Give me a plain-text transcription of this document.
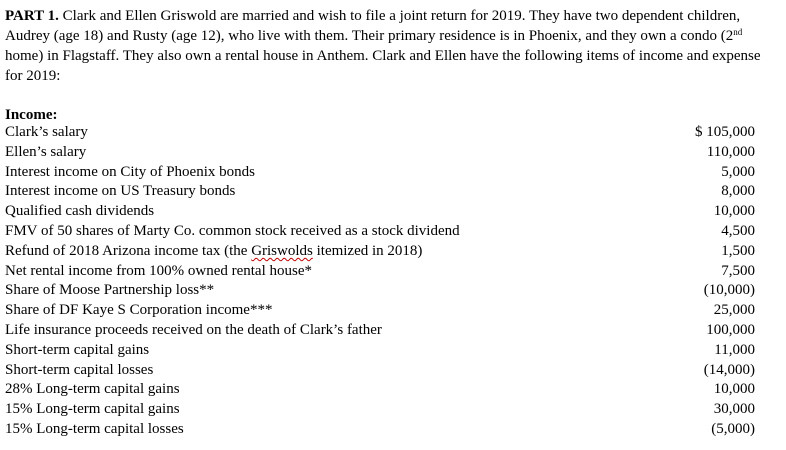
PART 1. Clark and Ellen Griswold are married and wish to file a joint return for 2019. They have two dependent children, Audrey (age 18) and Rusty (age 12), who live with them. Their primary residence is in Phoenix, and they own a condo (2nd home) in Flagstaff. They also own a rental house in Anthem. Clark and Ellen have the following items of income and expense for 2019:

Income:

Clark’s salary	$ 105,000
Ellen’s salary	110,000
Interest income on City of Phoenix bonds	5,000
Interest income on US Treasury bonds	8,000
Qualified cash dividends	10,000
FMV of 50 shares of Marty Co. common stock received as a stock dividend	4,500
Refund of 2018 Arizona income tax (the Griswolds itemized in 2018)	1,500
Net rental income from 100% owned rental house*	7,500
Share of Moose Partnership loss**	(10,000)
Share of DF Kaye S Corporation income***	25,000
Life insurance proceeds received on the death of Clark’s father	100,000
Short-term capital gains	11,000
Short-term capital losses	(14,000)
28% Long-term capital gains	10,000
15% Long-term capital gains	30,000
15% Long-term capital losses	(5,000)
